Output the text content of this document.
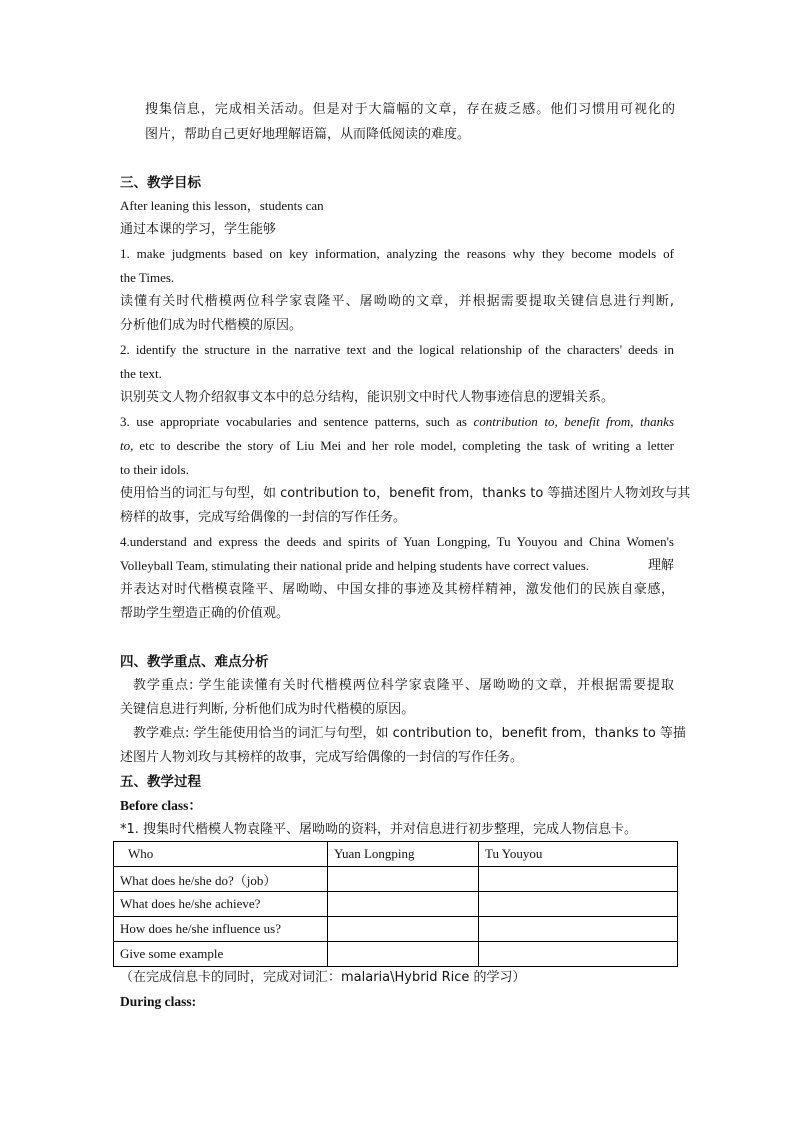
搜集信息，完成相关活动。但是对于大篇幅的文章，存在疲乏感。他们习惯用可视化的
图片，帮助自己更好地理解语篇，从而降低阅读的难度。
三、教学目标
After leaning this lesson，students can
通过本课的学习，学生能够
1. make judgments based on key information, analyzing the reasons why they become models of
the Times.
读懂有关时代楷模两位科学家袁隆平、屠呦呦的文章，并根据需要提取关键信息进行判断,
分析他们成为时代楷模的原因。
2. identify the structure in the narrative text and the logical relationship of the characters' deeds in
the text.
识别英文人物介绍叙事文本中的总分结构，能识别文中时代人物事迹信息的逻辑关系。
3. use appropriate vocabularies and sentence patterns, such as contribution to, benefit from, thanks
to, etc to describe the story of Liu Mei and her role model, completing the task of writing a letter
to their idols.
使用恰当的词汇与句型，如 contribution to，benefit from，thanks to 等描述图片人物刘玫与其
榜样的故事，完成写给偶像的一封信的写作任务。
4.understand and express the deeds and spirits of Yuan Longping, Tu Youyou and China Women's
Volleyball Team, stimulating their national pride and helping students have correct values.	理解
并表达对时代楷模袁隆平、屠呦呦、中国女排的事迹及其榜样精神，激发他们的民族自豪感，
帮助学生塑造正确的价值观。
四、教学重点、难点分析
教学重点: 学生能读懂有关时代楷模两位科学家袁隆平、屠呦呦的文章，并根据需要提取
关键信息进行判断, 分析他们成为时代楷模的原因。
教学难点: 学生能使用恰当的词汇与句型，如 contribution to，benefit from，thanks to 等描
述图片人物刘玫与其榜样的故事，完成写给偶像的一封信的写作任务。
五、教学过程
Before class：
*1. 搜集时代楷模人物袁隆平、屠呦呦的资料，并对信息进行初步整理，完成人物信息卡。
Who	Yuan Longping	Tu Youyou
What does he/she do?（job）		
What does he/she achieve?		
How does he/she influence us?		
Give some example		
（在完成信息卡的同时，完成对词汇：malaria\Hybrid Rice 的学习）
During class:
